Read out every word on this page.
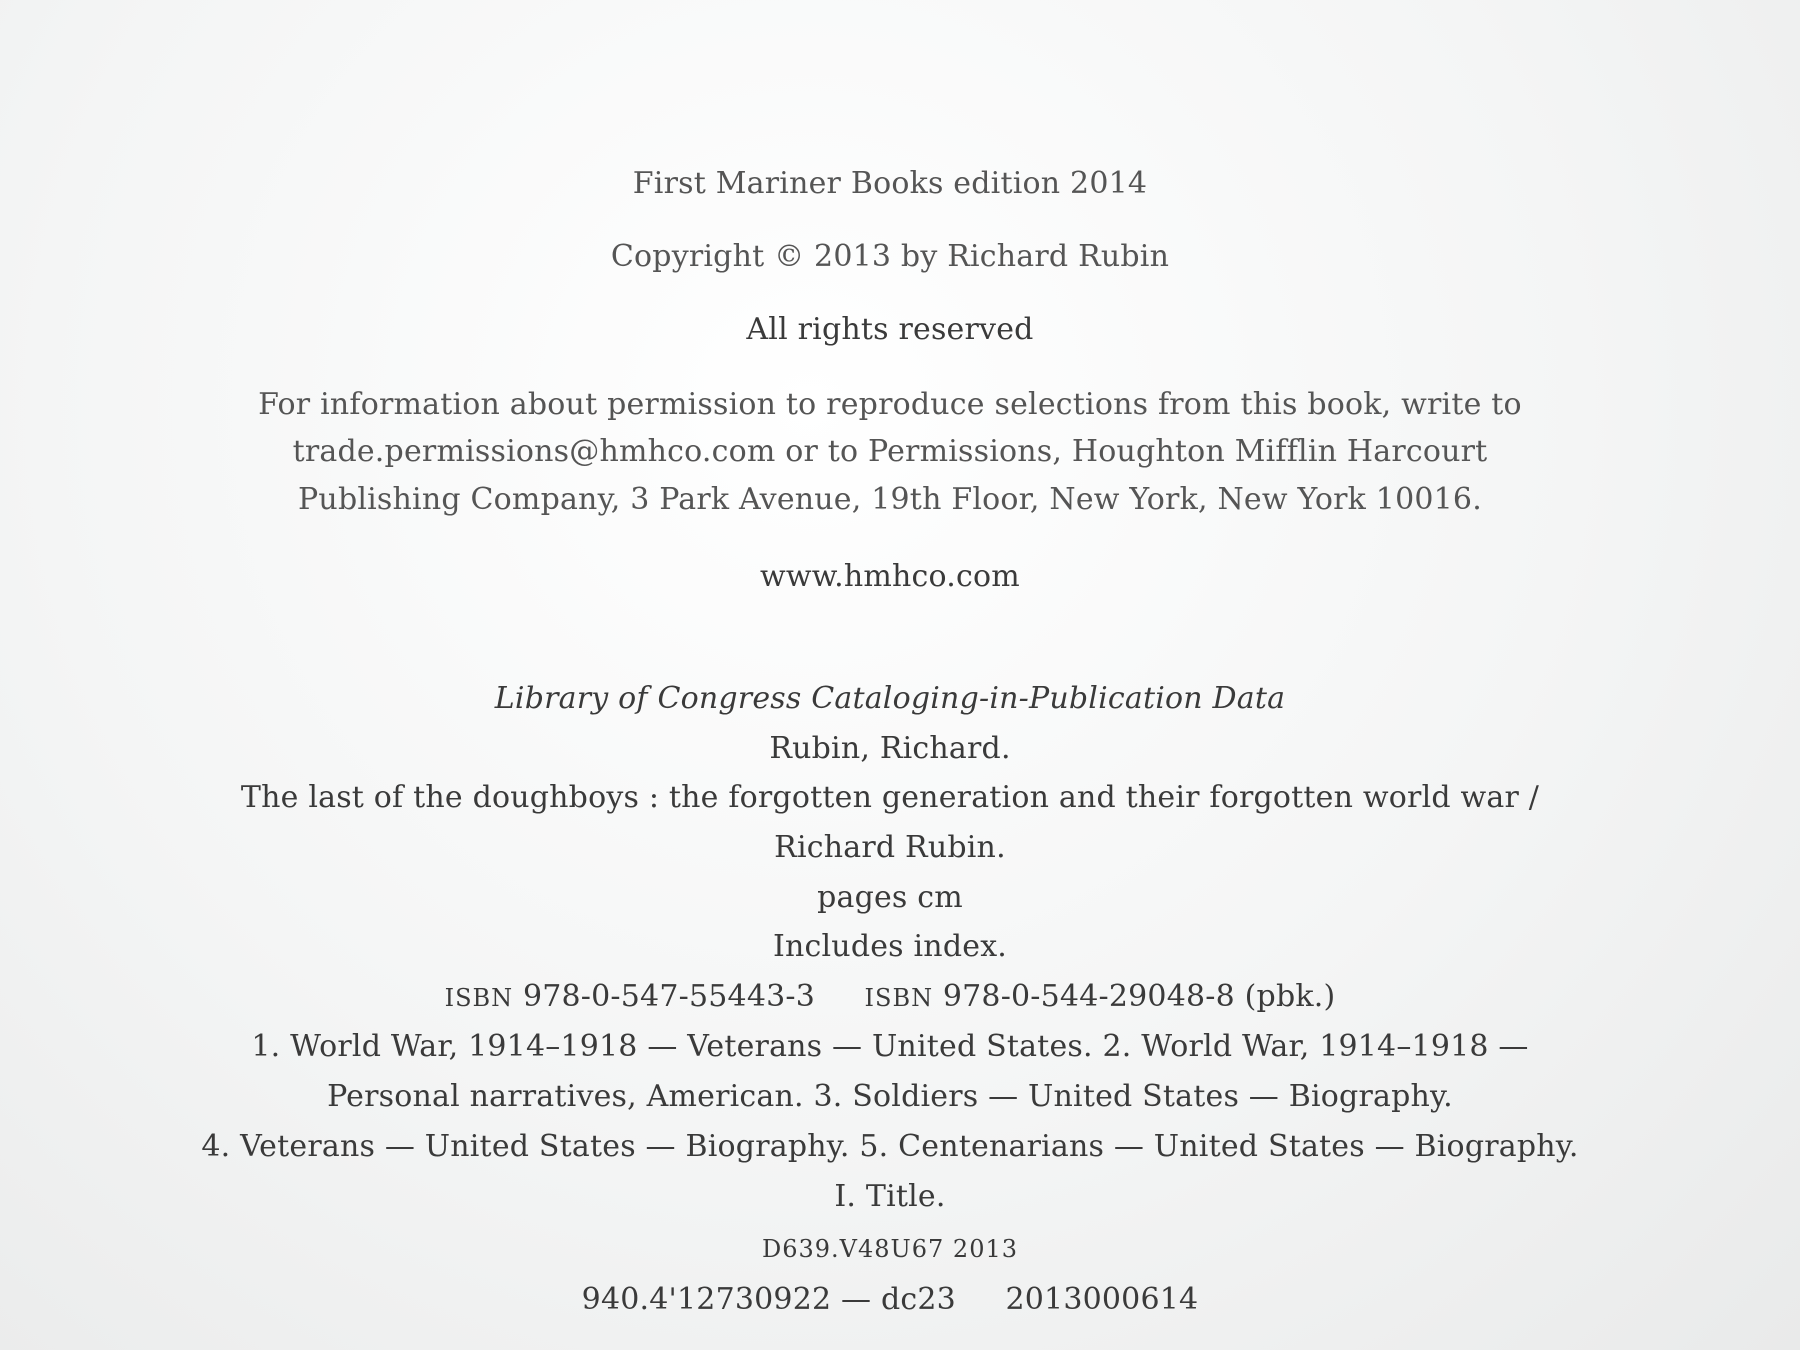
First Mariner Books edition 2014
Copyright © 2013 by Richard Rubin
All rights reserved
For information about permission to reproduce selections from this book, write to
trade.permissions@hmhco.com or to Permissions, Houghton Mifflin Harcourt
Publishing Company, 3 Park Avenue, 19th Floor, New York, New York 10016.
www.hmhco.com
Library of Congress Cataloging-in-Publication Data
Rubin, Richard.
The last of the doughboys : the forgotten generation and their forgotten world war /
Richard Rubin.
pages cm
Includes index.
ISBN 978-0-547-55443-3 ISBN 978-0-544-29048-8 (pbk.)
1. World War, 1914–1918 — Veterans — United States. 2. World War, 1914–1918 —
Personal narratives, American. 3. Soldiers — United States — Biography.
4. Veterans — United States — Biography. 5. Centenarians — United States — Biography.
I. Title.
D639.V48U67 2013
940.4'12730922 — dc23 2013000614
